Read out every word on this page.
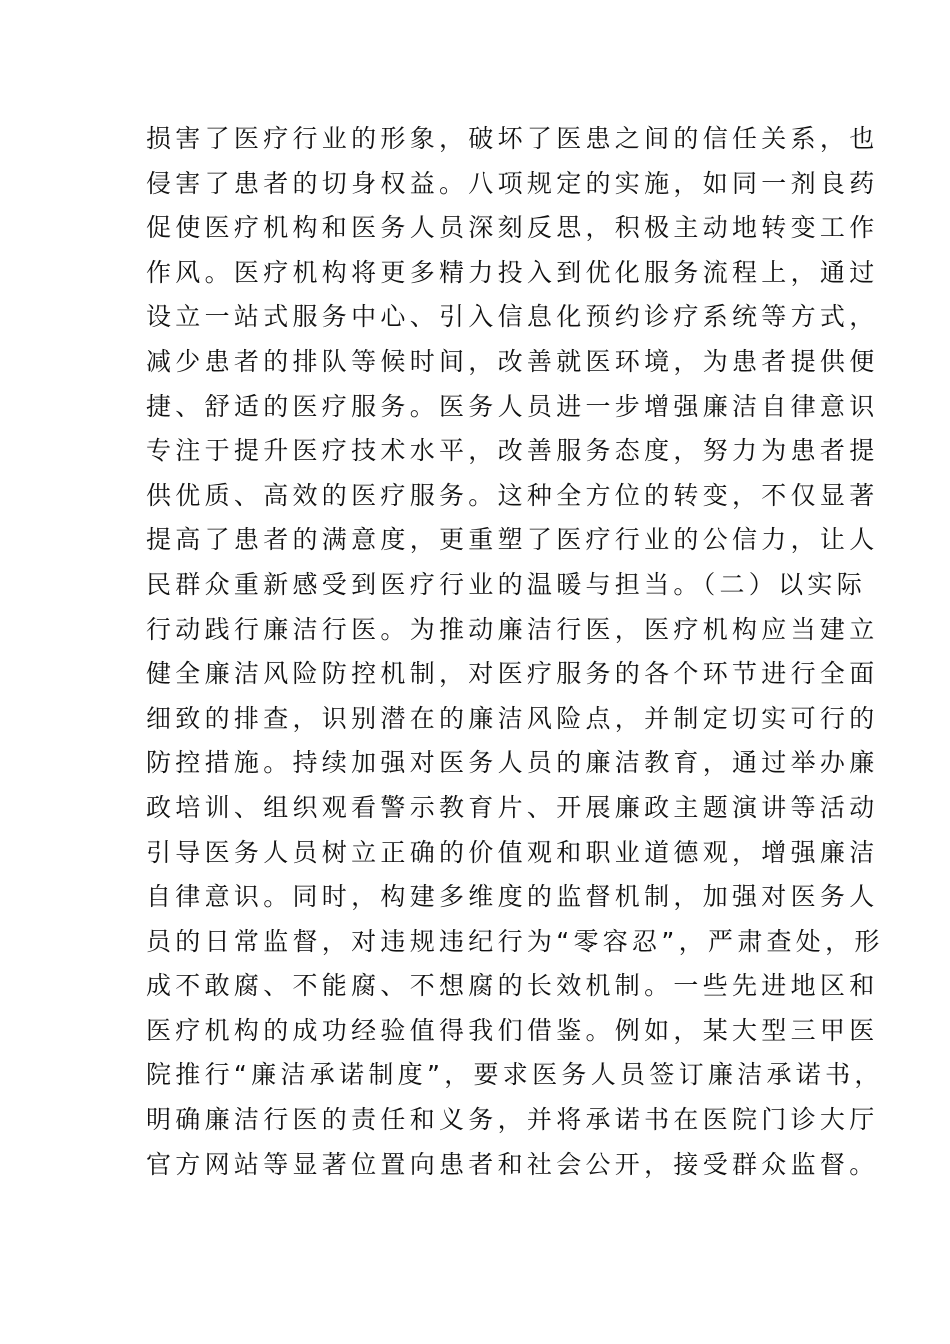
损害了医疗行业的形象，破坏了医患之间的信任关系，也
侵害了患者的切身权益。八项规定的实施，如同一剂良药
促使医疗机构和医务人员深刻反思，积极主动地转变工作
作风。医疗机构将更多精力投入到优化服务流程上，通过
设立一站式服务中心、引入信息化预约诊疗系统等方式，
减少患者的排队等候时间，改善就医环境，为患者提供便
捷、舒适的医疗服务。医务人员进一步增强廉洁自律意识
专注于提升医疗技术水平，改善服务态度，努力为患者提
供优质、高效的医疗服务。这种全方位的转变，不仅显著
提高了患者的满意度，更重塑了医疗行业的公信力，让人
民群众重新感受到医疗行业的温暖与担当。（二）以实际
行动践行廉洁行医。为推动廉洁行医，医疗机构应当建立
健全廉洁风险防控机制，对医疗服务的各个环节进行全面
细致的排查，识别潜在的廉洁风险点，并制定切实可行的
防控措施。持续加强对医务人员的廉洁教育，通过举办廉
政培训、组织观看警示教育片、开展廉政主题演讲等活动
引导医务人员树立正确的价值观和职业道德观，增强廉洁
自律意识。同时，构建多维度的监督机制，加强对医务人
员的日常监督，对违规违纪行为“零容忍”，严肃查处，形
成不敢腐、不能腐、不想腐的长效机制。一些先进地区和
医疗机构的成功经验值得我们借鉴。例如，某大型三甲医
院推行“廉洁承诺制度”，要求医务人员签订廉洁承诺书，
明确廉洁行医的责任和义务，并将承诺书在医院门诊大厅
官方网站等显著位置向患者和社会公开，接受群众监督。
